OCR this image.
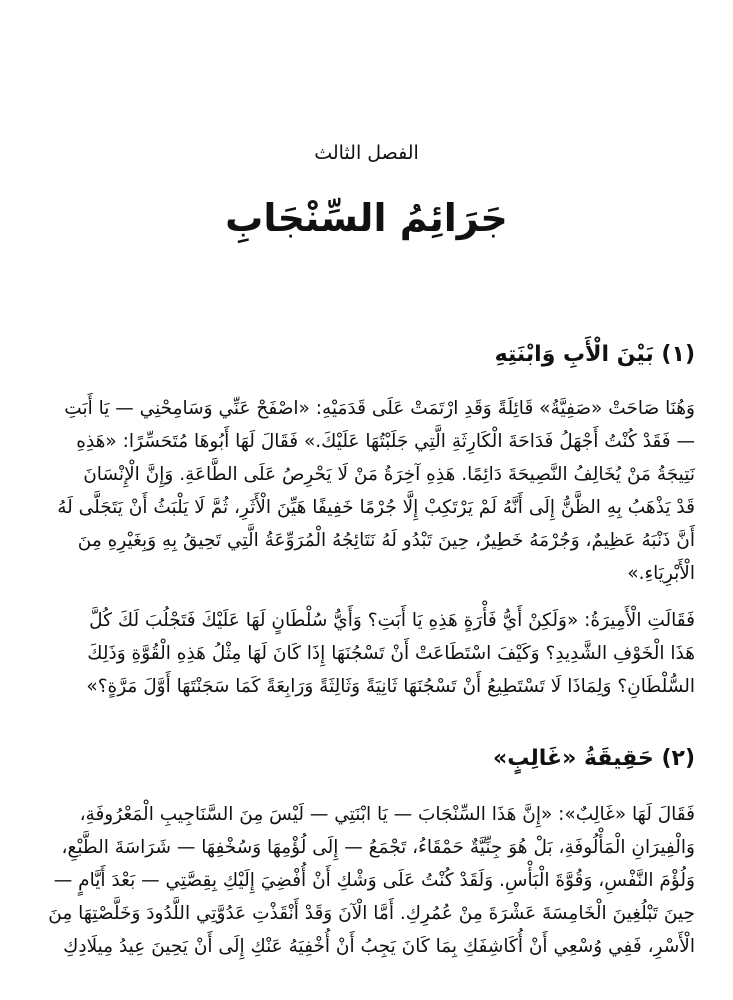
الفصل الثالث
جَرَائِمُ السِّنْجَابِ
(١) بَيْنَ الْأَبِ وَابْنَتِهِ

وَهُنَا صَاحَتْ «صَفِيَّةُ» قَائِلَةً وَقَدِ ارْتَمَتْ عَلَى قَدَمَيْهِ: «اصْفَحْ عَنِّي وَسَامِحْنِي — يَا أَبَتِ
— فَقَدْ كُنْتُ أَجْهَلُ فَدَاحَةَ الْكَارِثَةِ الَّتِي جَلَبْتُهَا عَلَيْكَ.» فَقَالَ لَهَا أَبُوهَا مُتَحَسِّرًا: «هَذِهِ
نَتِيجَةُ مَنْ يُخَالِفُ النَّصِيحَةَ دَائِمًا. هَذِهِ آخِرَةُ مَنْ لَا يَحْرِصُ عَلَى الطَّاعَةِ. وَإِنَّ الْإِنْسَانَ
قَدْ يَذْهَبُ بِهِ الظَّنُّ إِلَى أَنَّهُ لَمْ يَرْتَكِبْ إِلَّا جُرْمًا خَفِيفًا هَيِّنَ الْأَثَرِ، ثُمَّ لَا يَلْبَثُ أَنْ يَتَجَلَّى لَهُ
أَنَّ ذَنْبَهُ عَظِيمٌ، وَجُرْمَهُ خَطِيرٌ، حِينَ تَبْدُو لَهُ نَتَائِجُهُ الْمُرَوِّعَةُ الَّتِي تَحِيقُ بِهِ وَبِغَيْرِهِ مِنَ
الْأَبْرِيَاءِ.»

فَقَالَتِ الْأَمِيرَةُ: «وَلَكِنْ أَيُّ فَأْرَةٍ هَذِهِ يَا أَبَتِ؟ وَأَيُّ سُلْطَانٍ لَهَا عَلَيْكَ فَتَجْلُبَ لَكَ كُلَّ
هَذَا الْخَوْفِ الشَّدِيدِ؟ وَكَيْفَ اسْتَطَاعَتْ أَنْ تَسْجُنَهَا إِذَا كَانَ لَهَا مِثْلُ هَذِهِ الْقُوَّةِ وَذَلِكَ
السُّلْطَانِ؟ وَلِمَاذَا لَا تَسْتَطِيعُ أَنْ تَسْجُنَهَا ثَانِيَةً وَثَالِثَةً وَرَابِعَةً كَمَا سَجَنْتَهَا أَوَّلَ مَرَّةٍ؟»

(٢) حَقِيقَةُ «غَالِبٍ»

فَقَالَ لَهَا «غَالِبٌ»: «إِنَّ هَذَا السِّنْجَابَ — يَا ابْنَتِي — لَيْسَ مِنَ السَّنَاجِيبِ الْمَعْرُوفَةِ،
وَالْفِيرَانِ الْمَأْلُوفَةِ، بَلْ هُوَ جِنِّيَّةٌ حَمْقَاءُ، تَجْمَعُ — إِلَى لُؤْمِهَا وَسُخْفِهَا — شَرَاسَةَ الطَّبْعِ،
وَلُؤْمَ النَّفْسِ، وَقُوَّةَ الْبَأْسِ. وَلَقَدْ كُنْتُ عَلَى وَشْكِ أَنْ أُفْضِيَ إِلَيْكِ بِقِصَّتِي — بَعْدَ أَيَّامٍ —
حِينَ تَبْلُغِينَ الْخَامِسَةَ عَشْرَةَ مِنْ عُمُرِكِ. أَمَّا الْآنَ وَقَدْ أَنْقَذْتِ عَدُوَّتِي اللَّدُودَ وَخَلَّصْتِهَا مِنَ
الْأَسْرِ، فَفِي وُسْعِي أَنْ أُكَاشِفَكِ بِمَا كَانَ يَجِبُ أَنْ أُخْفِيَهُ عَنْكِ إِلَى أَنْ يَحِينَ عِيدُ مِيلَادِكِ
